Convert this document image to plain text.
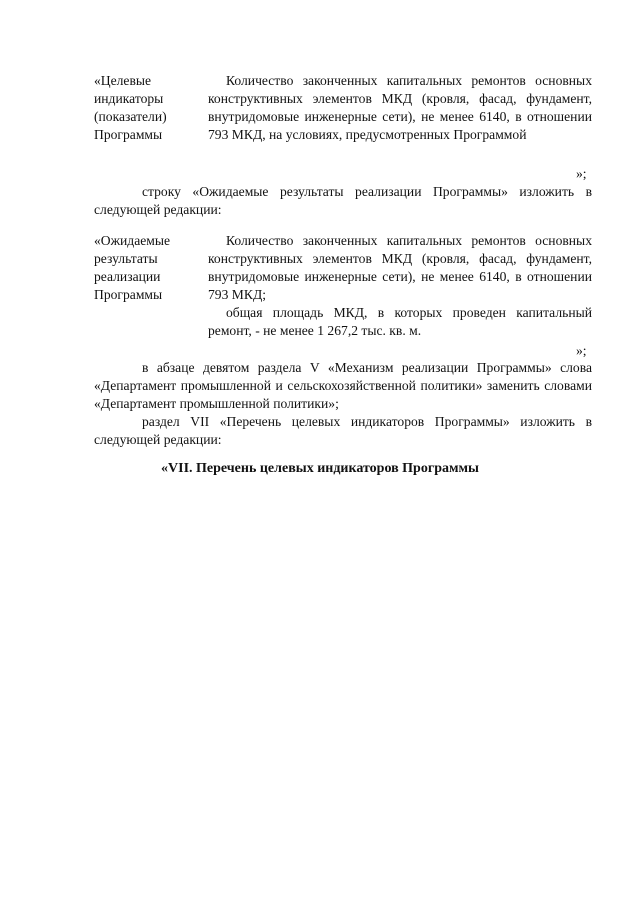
«Целевые
индикаторы
(показатели)
Программы

Количество законченных капитальных ремонтов основных конструктивных элементов МКД (кровля, фасад, фундамент, внутридомовые инженерные сети), не менее 6140, в отношении 793 МКД, на условиях, предусмотренных Программой

»;

строку «Ожидаемые результаты реализации Программы» изложить в следующей редакции:

«Ожидаемые
результаты
реализации
Программы

Количество законченных капитальных ремонтов основных конструктивных элементов МКД (кровля, фасад, фундамент, внутридомовые инженерные сети), не менее 6140, в отношении 793 МКД;

общая площадь МКД, в которых проведен капитальный ремонт, - не менее 1 267,2 тыс. кв. м.

»;

в абзаце девятом раздела V «Механизм реализации Программы» слова «Департамент промышленной и сельскохозяйственной политики» заменить словами «Департамент промышленной политики»;

раздел VII «Перечень целевых индикаторов Программы» изложить в следующей редакции:

«VII. Перечень целевых индикаторов Программы
